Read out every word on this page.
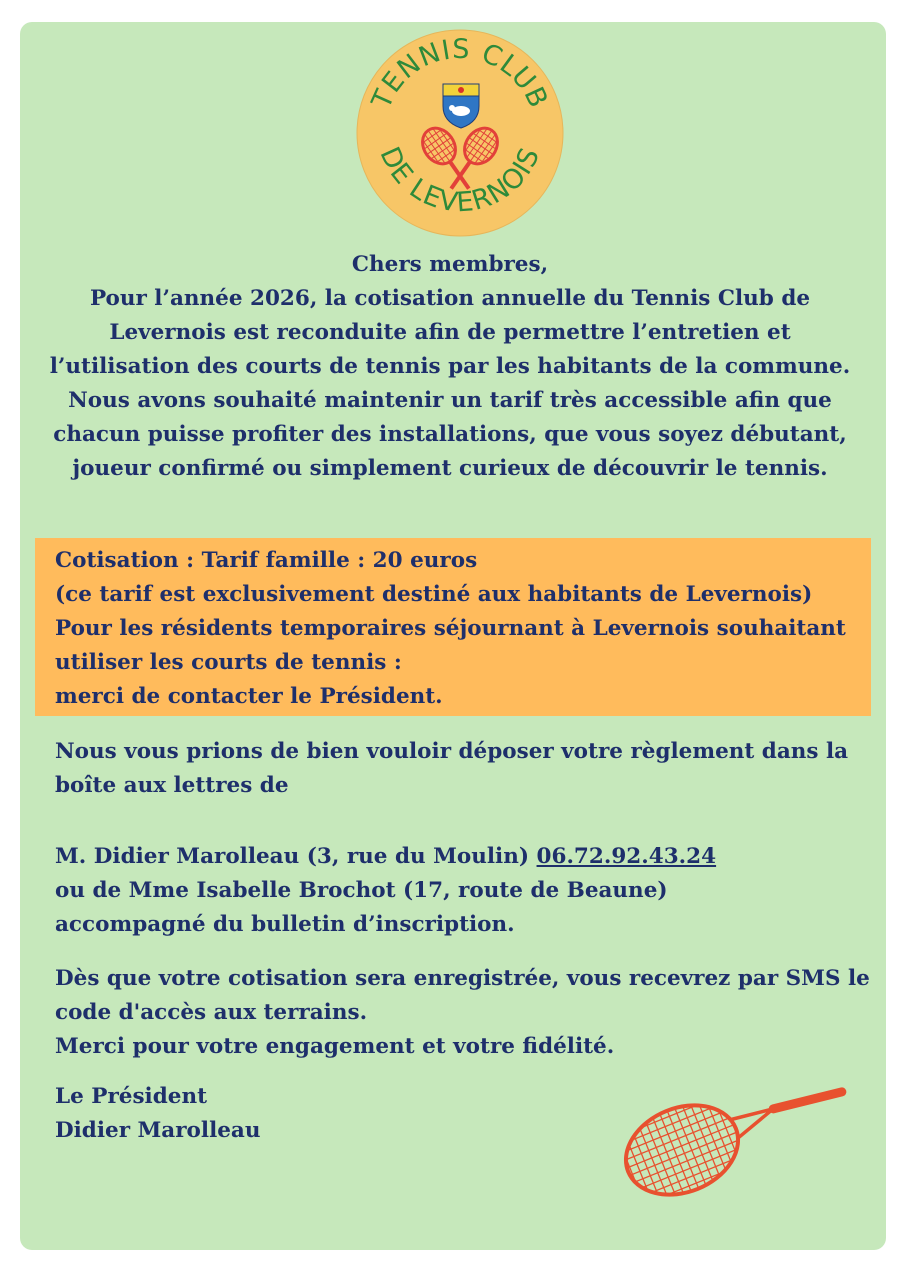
TENNIS CLUB
DE LEVERNOIS
Chers membres,
Pour l’année 2026, la cotisation annuelle du Tennis Club de
Levernois est reconduite afin de permettre l’entretien et
l’utilisation des courts de tennis par les habitants de la commune.
Nous avons souhaité maintenir un tarif très accessible afin que
chacun puisse profiter des installations, que vous soyez débutant,
joueur confirmé ou simplement curieux de découvrir le tennis.
Cotisation : Tarif famille : 20 euros
(ce tarif est exclusivement destiné aux habitants de Levernois)
Pour les résidents temporaires séjournant à Levernois souhaitant
utiliser les courts de tennis :
merci de contacter le Président.
Nous vous prions de bien vouloir déposer votre règlement dans la
boîte aux lettres de
M. Didier Marolleau (3, rue du Moulin) 06.72.92.43.24
ou de Mme Isabelle Brochot (17, route de Beaune)
accompagné du bulletin d’inscription.
Dès que votre cotisation sera enregistrée, vous recevrez par SMS le
code d'accès aux terrains.
Merci pour votre engagement et votre fidélité.
Le Président
Didier Marolleau
